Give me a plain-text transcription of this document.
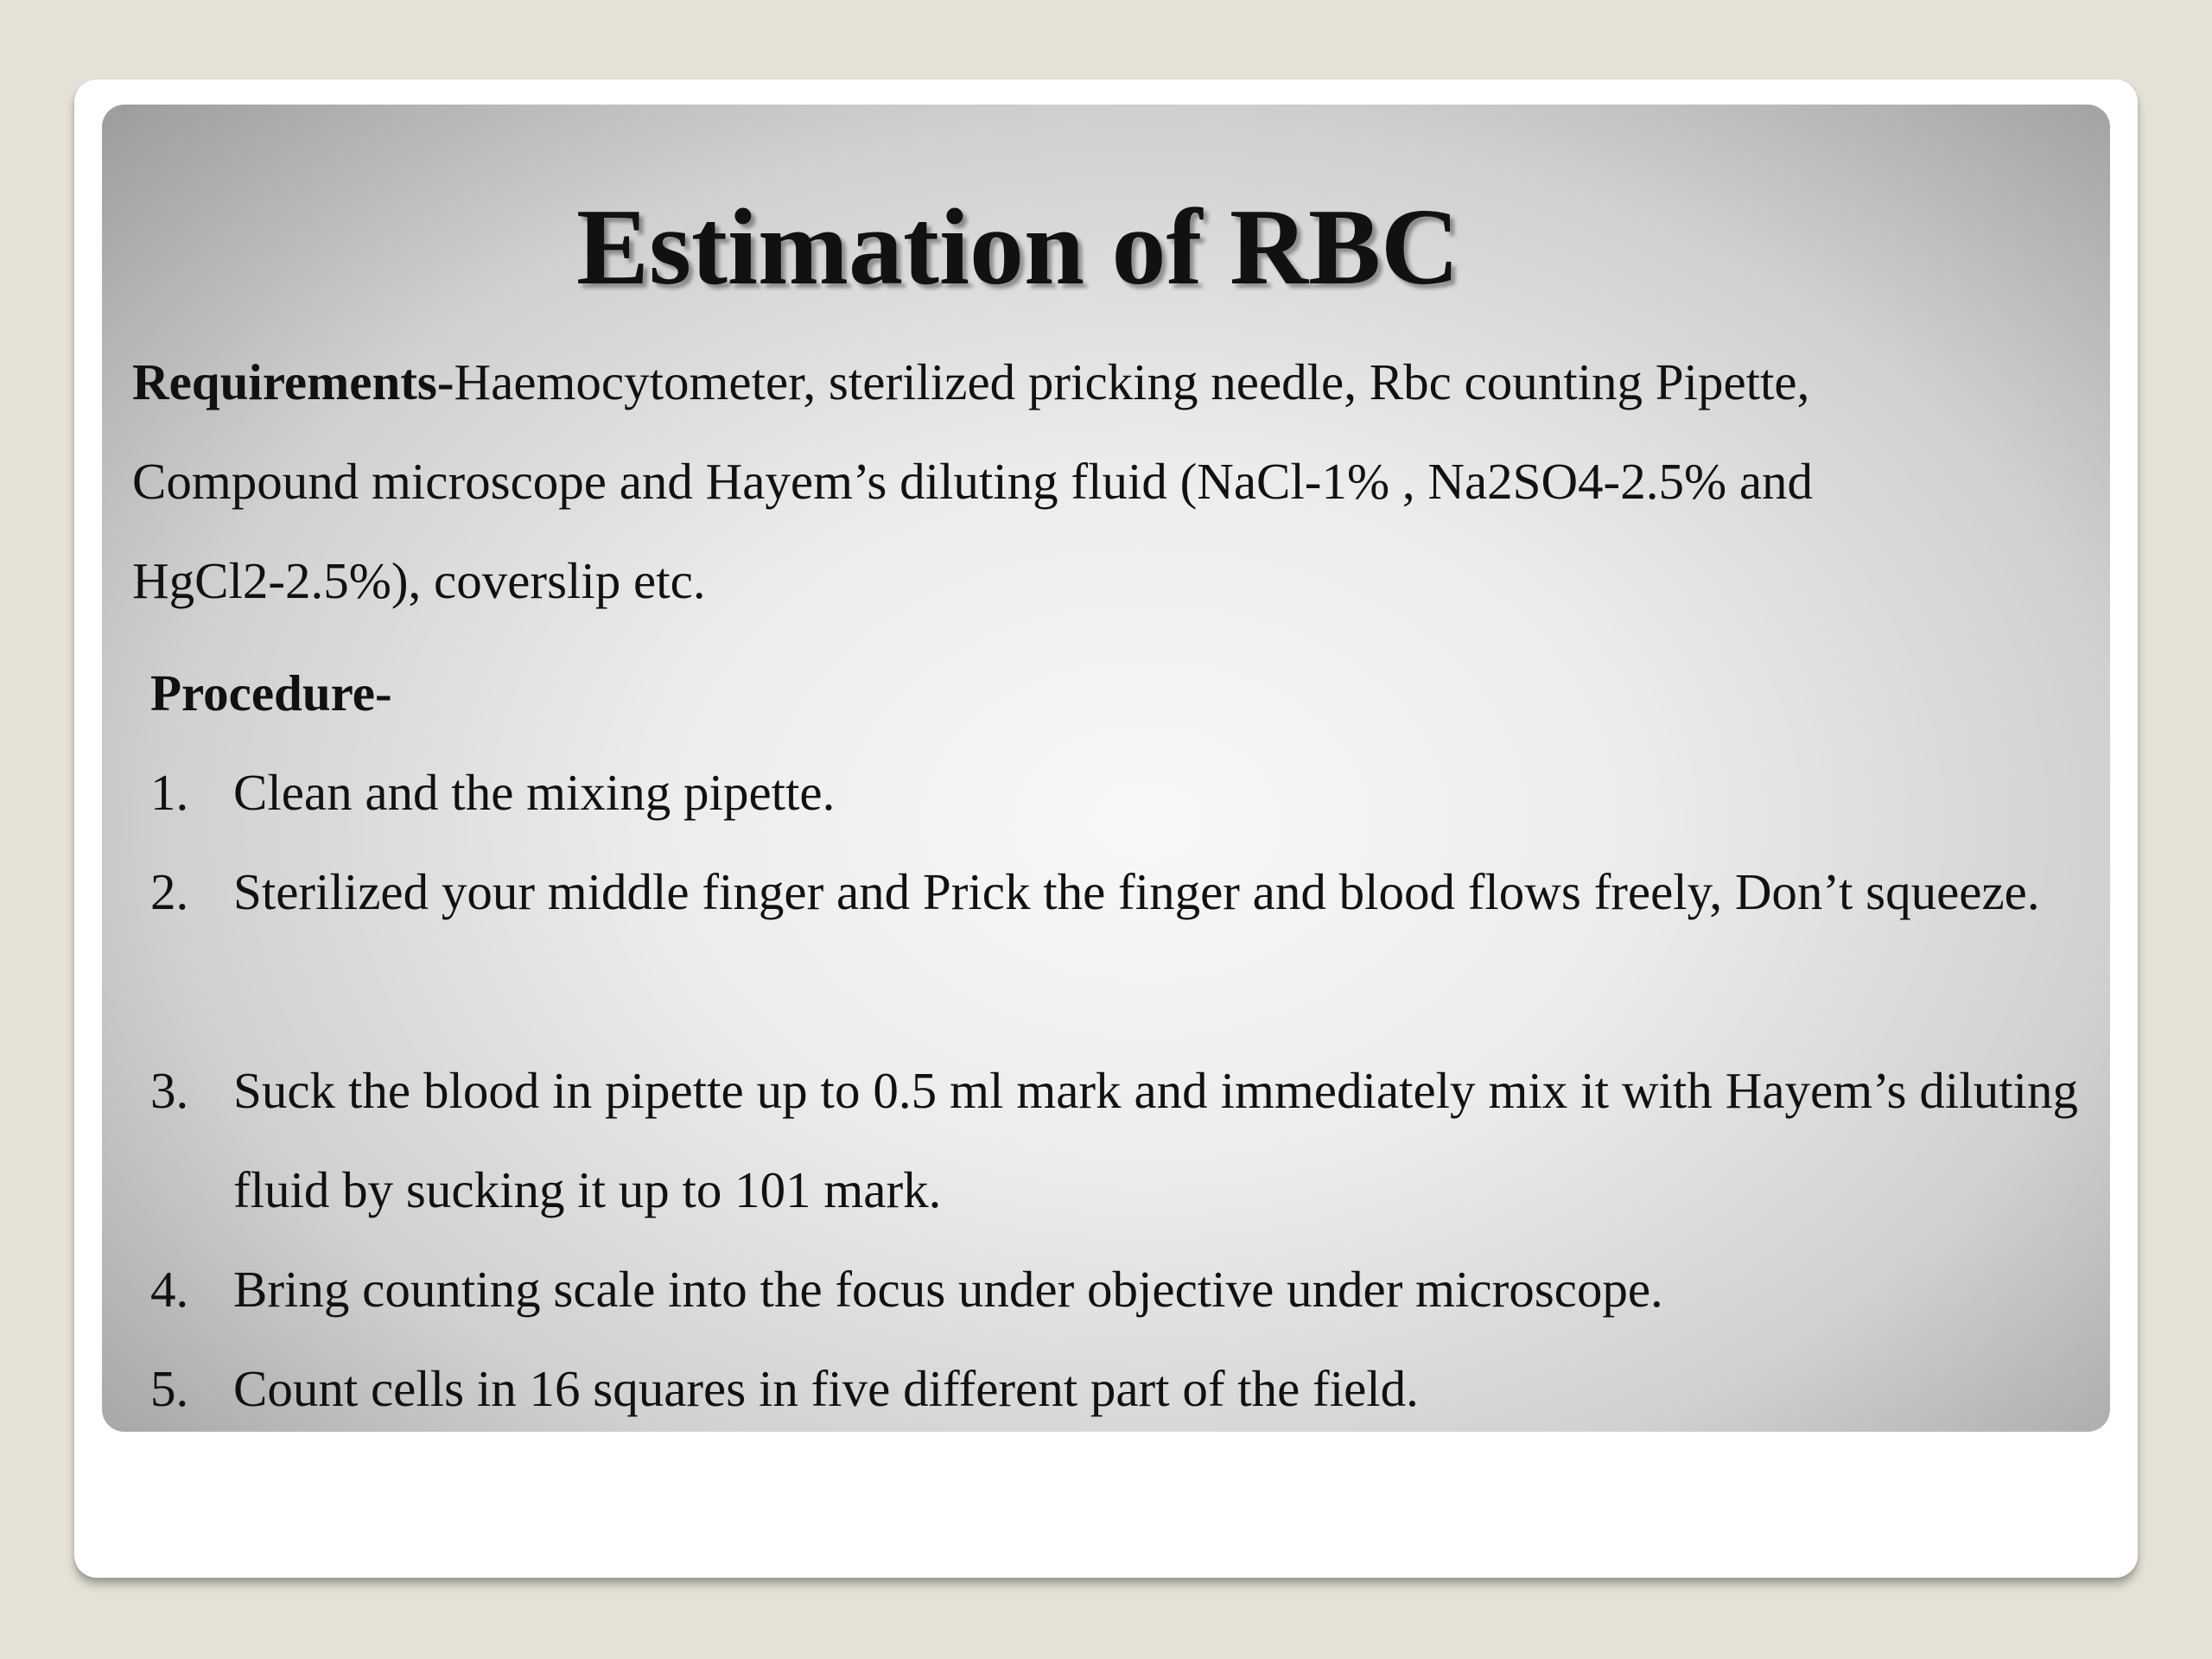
Estimation of RBC
Requirements-Haemocytometer, sterilized pricking needle, Rbc counting Pipette,
Compound microscope and Hayem’s diluting fluid (NaCl-1% , Na2SO4-2.5% and
HgCl2-2.5%), coverslip etc.
Procedure-
1. Clean and the mixing pipette.
2. Sterilized your middle finger and Prick the finger and blood flows freely, Don’t squeeze.
3. Suck the blood in pipette up to 0.5 ml mark and immediately mix it with Hayem’s diluting fluid by sucking it up to 101 mark.
4. Bring counting scale into the focus under objective under microscope.
5. Count cells in 16 squares in five different part of the field.
